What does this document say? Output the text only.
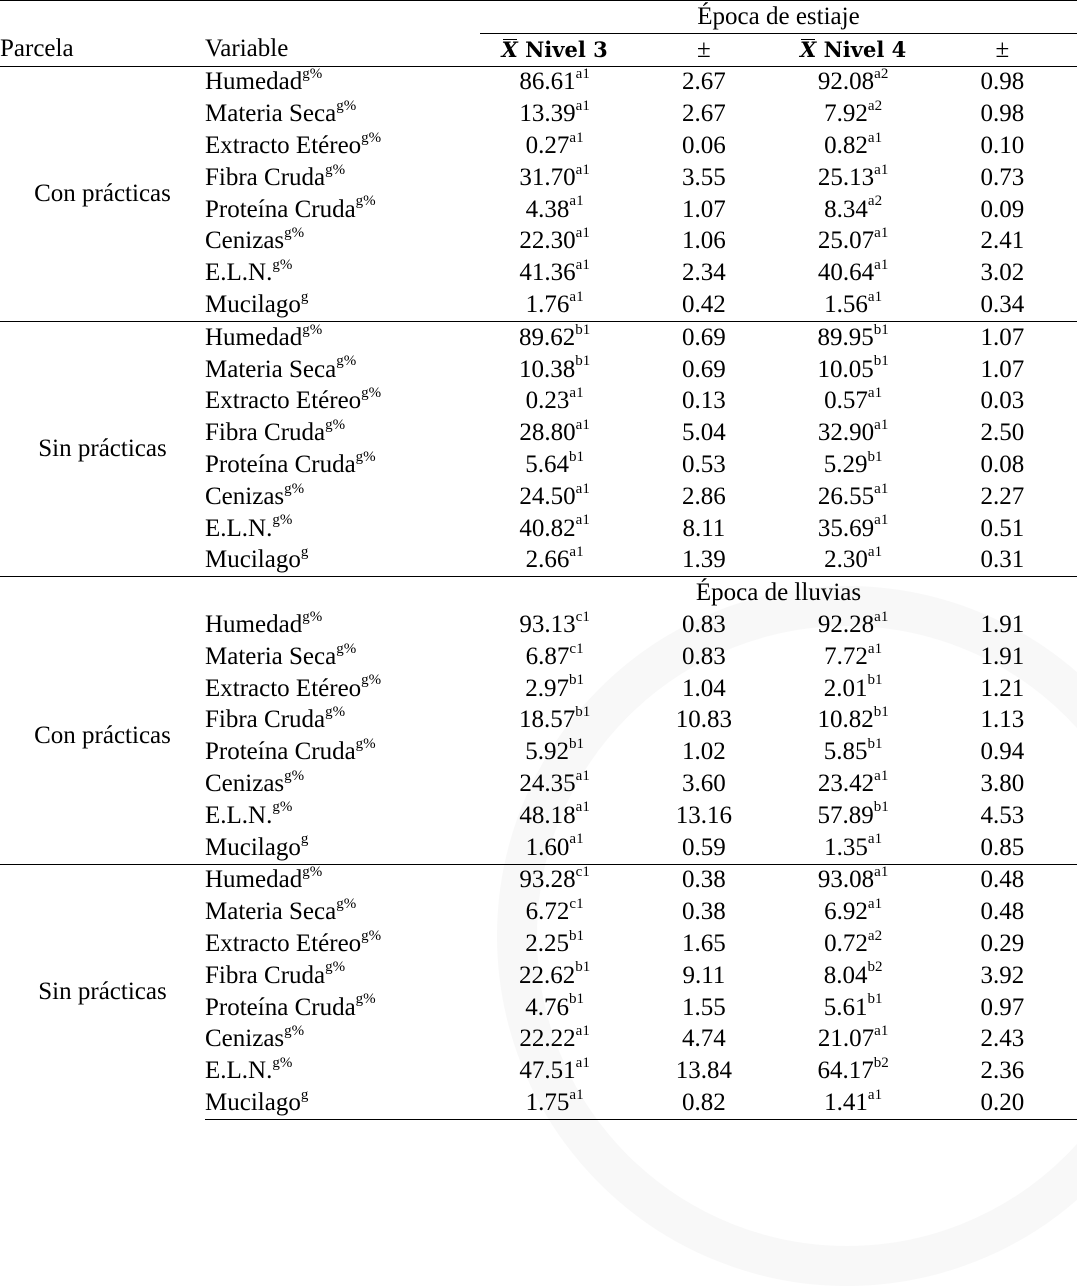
		Época de estiaje			
Parcela	Variable	X Nivel 3	±	X Nivel 4	±
Con prácticas	Humedad$^{g\%}$	$86.61^{a1}$	2.67	$92.08^{a2}$	0.98
	Materia Seca$^{g\%}$	$13.39^{a1}$	2.67	$7.92^{a2}$	0.98
	Extracto Etéreo$^{g\%}$	$0.27^{a1}$	0.06	$0.82^{a1}$	0.10
	Fibra Cruda$^{g\%}$	$31.70^{a1}$	3.55	$25.13^{a1}$	0.73
	Proteína Cruda$^{g\%}$	$4.38^{a1}$	1.07	$8.34^{a2}$	0.09
	Cenizas$^{g\%}$	$22.30^{a1}$	1.06	$25.07^{a1}$	2.41
	E.L.N.$^{g\%}$	$41.36^{a1}$	2.34	$40.64^{a1}$	3.02
	Mucilago$^g$	$1.76^{a1}$	0.42	$1.56^{a1}$	0.34
Sin prácticas	Humedad$^{g\%}$	$89.62^{b1}$	0.69	$89.95^{b1}$	1.07
	Materia Seca$^{g\%}$	$10.38^{b1}$	0.69	$10.05^{b1}$	1.07
	Extracto Etéreo$^{g\%}$	$0.23^{a1}$	0.13	$0.57^{a1}$	0.03
	Fibra Cruda$^{g\%}$	$28.80^{a1}$	5.04	$32.90^{a1}$	2.50
	Proteína Cruda$^{g\%}$	$5.64^{b1}$	0.53	$5.29^{b1}$	0.08
	Cenizas$^{g\%}$	$24.50^{a1}$	2.86	$26.55^{a1}$	2.27
	E.L.N.$^{g\%}$	$40.82^{a1}$	8.11	$35.69^{a1}$	0.51
	Mucilago$^g$	$2.66^{a1}$	1.39	$2.30^{a1}$	0.31
		Época de lluvias			
Con prácticas	Humedad$^{g\%}$	$93.13^{c1}$	0.83	$92.28^{a1}$	1.91
	Materia Seca$^{g\%}$	$6.87^{c1}$	0.83	$7.72^{a1}$	1.91
	Extracto Etéreo$^{g\%}$	$2.97^{b1}$	1.04	$2.01^{b1}$	1.21
	Fibra Cruda$^{g\%}$	$18.57^{b1}$	10.83	$10.82^{b1}$	1.13
	Proteína Cruda$^{g\%}$	$5.92^{b1}$	1.02	$5.85^{b1}$	0.94
	Cenizas$^{g\%}$	$24.35^{a1}$	3.60	$23.42^{a1}$	3.80
	E.L.N.$^{g\%}$	$48.18^{a1}$	13.16	$57.89^{b1}$	4.53
	Mucilago$^g$	$1.60^{a1}$	0.59	$1.35^{a1}$	0.85
Sin prácticas	Humedad$^{g\%}$	$93.28^{c1}$	0.38	$93.08^{a1}$	0.48
	Materia Seca$^{g\%}$	$6.72^{c1}$	0.38	$6.92^{a1}$	0.48
	Extracto Etéreo$^{g\%}$	$2.25^{b1}$	1.65	$0.72^{a2}$	0.29
	Fibra Cruda$^{g\%}$	$22.62^{b1}$	9.11	$8.04^{b2}$	3.92
	Proteína Cruda$^{g\%}$	$4.76^{b1}$	1.55	$5.61^{b1}$	0.97
	Cenizas$^{g\%}$	$22.22^{a1}$	4.74	$21.07^{a1}$	2.43
	E.L.N.$^{g\%}$	$47.51^{a1}$	13.84	$64.17^{b2}$	2.36
	Mucilago$^g$	$1.75^{a1}$	0.82	$1.41^{a1}$	0.20
